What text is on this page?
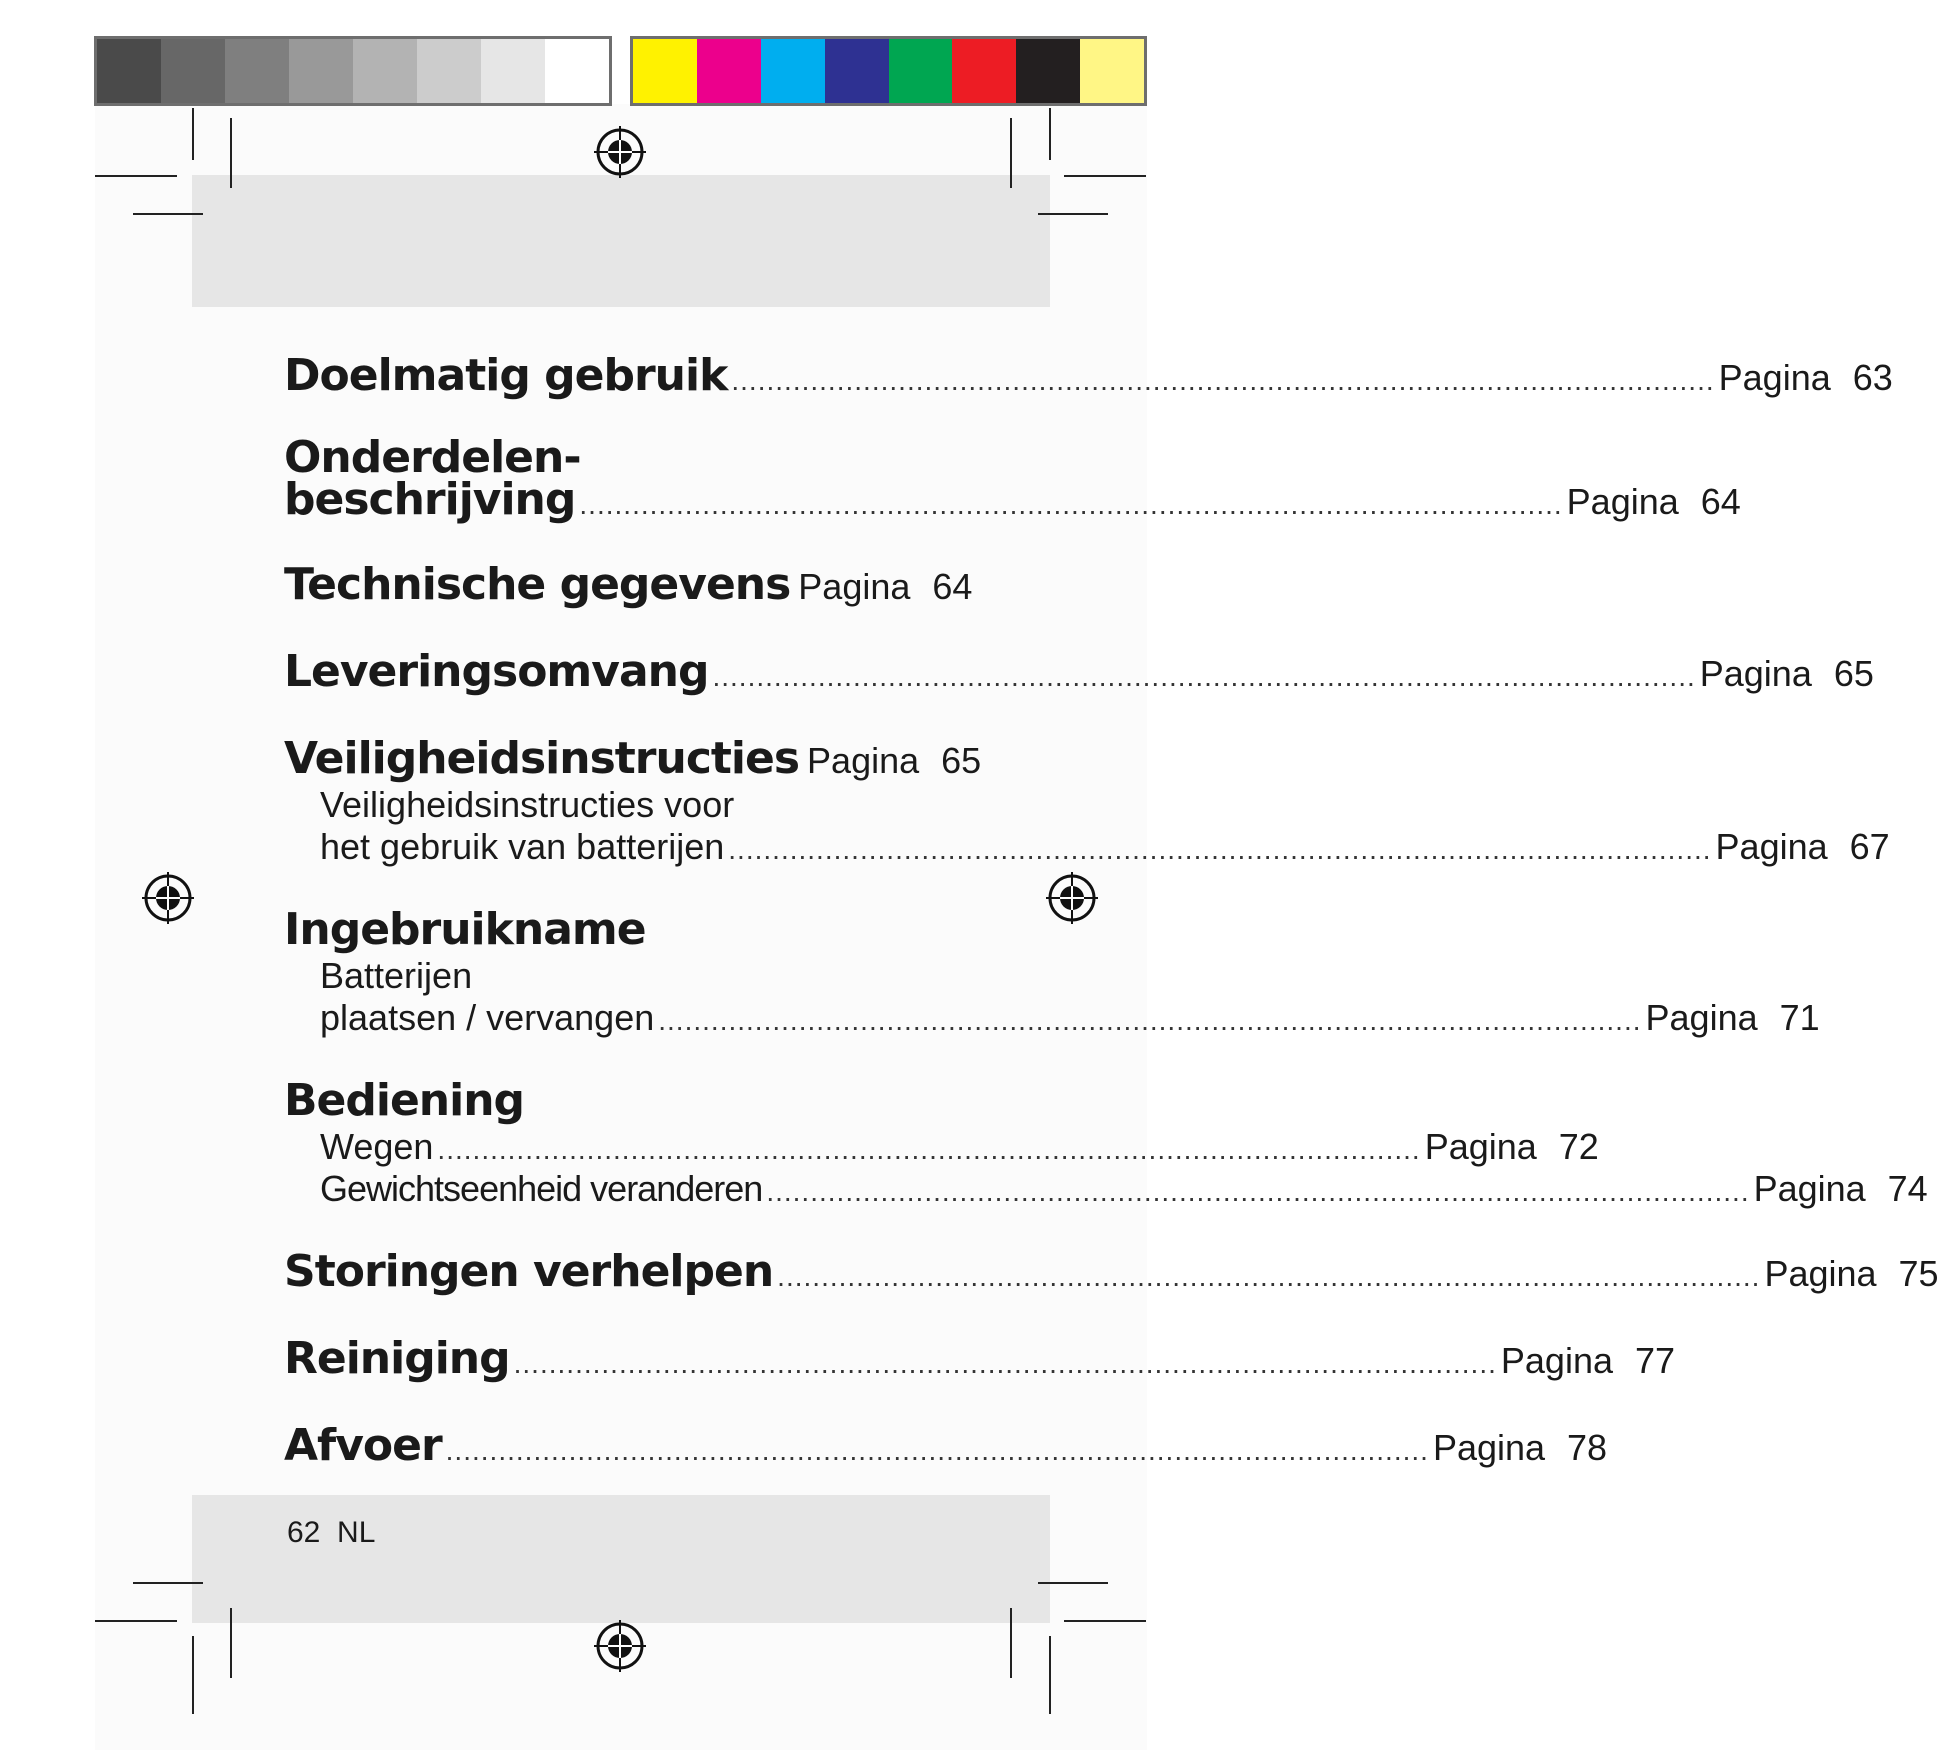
Doelmatig gebruik ................................................................................................................ Pagina 63
Onderdelen-
beschrijving ................................................................................................................ Pagina 64
Technische gegevens Pagina 64
Leveringsomvang ................................................................................................................ Pagina 65
Veiligheidsinstructies Pagina 65
Veiligheidsinstructies voor
het gebruik van batterijen ................................................................................................................ Pagina 67
Ingebruikname
Batterijen
plaatsen / vervangen ................................................................................................................ Pagina 71
Bediening
Wegen ................................................................................................................ Pagina 72
Gewichtseenheid veranderen ................................................................................................................ Pagina 74
Storingen verhelpen ................................................................................................................ Pagina 75
Reiniging ................................................................................................................ Pagina 77
Afvoer ................................................................................................................ Pagina 78
62 NL
